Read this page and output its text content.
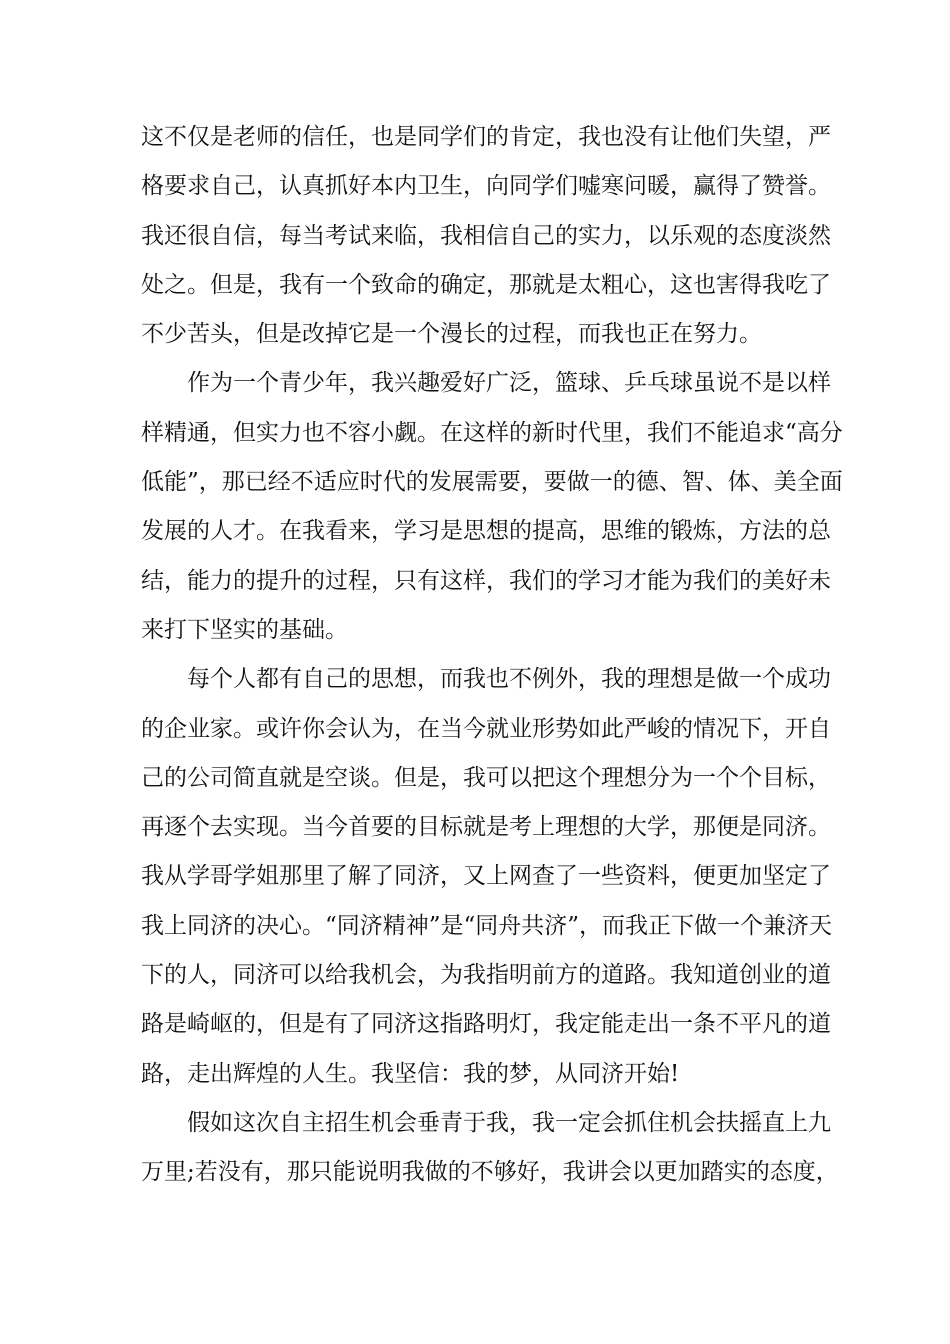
这不仅是老师的信任，也是同学们的肯定，我也没有让他们失望，严
格要求自己，认真抓好本内卫生，向同学们嘘寒问暖，赢得了赞誉。
我还很自信，每当考试来临，我相信自己的实力，以乐观的态度淡然
处之。但是，我有一个致命的确定，那就是太粗心，这也害得我吃了
不少苦头，但是改掉它是一个漫长的过程，而我也正在努力。
作为一个青少年，我兴趣爱好广泛，篮球、乒乓球虽说不是以样
样精通，但实力也不容小觑。在这样的新时代里，我们不能追求“高分
低能”，那已经不适应时代的发展需要，要做一的德、智、体、美全面
发展的人才。在我看来，学习是思想的提高，思维的锻炼，方法的总
结，能力的提升的过程，只有这样，我们的学习才能为我们的美好未
来打下坚实的基础。
每个人都有自己的思想，而我也不例外，我的理想是做一个成功
的企业家。或许你会认为，在当今就业形势如此严峻的情况下，开自
己的公司简直就是空谈。但是，我可以把这个理想分为一个个目标，
再逐个去实现。当今首要的目标就是考上理想的大学，那便是同济。
我从学哥学姐那里了解了同济，又上网查了一些资料，便更加坚定了
我上同济的决心。“同济精神”是“同舟共济”，而我正下做一个兼济天
下的人，同济可以给我机会，为我指明前方的道路。我知道创业的道
路是崎岖的，但是有了同济这指路明灯，我定能走出一条不平凡的道
路，走出辉煌的人生。我坚信：我的梦，从同济开始!
假如这次自主招生机会垂青于我，我一定会抓住机会扶摇直上九
万里;若没有，那只能说明我做的不够好，我讲会以更加踏实的态度，
